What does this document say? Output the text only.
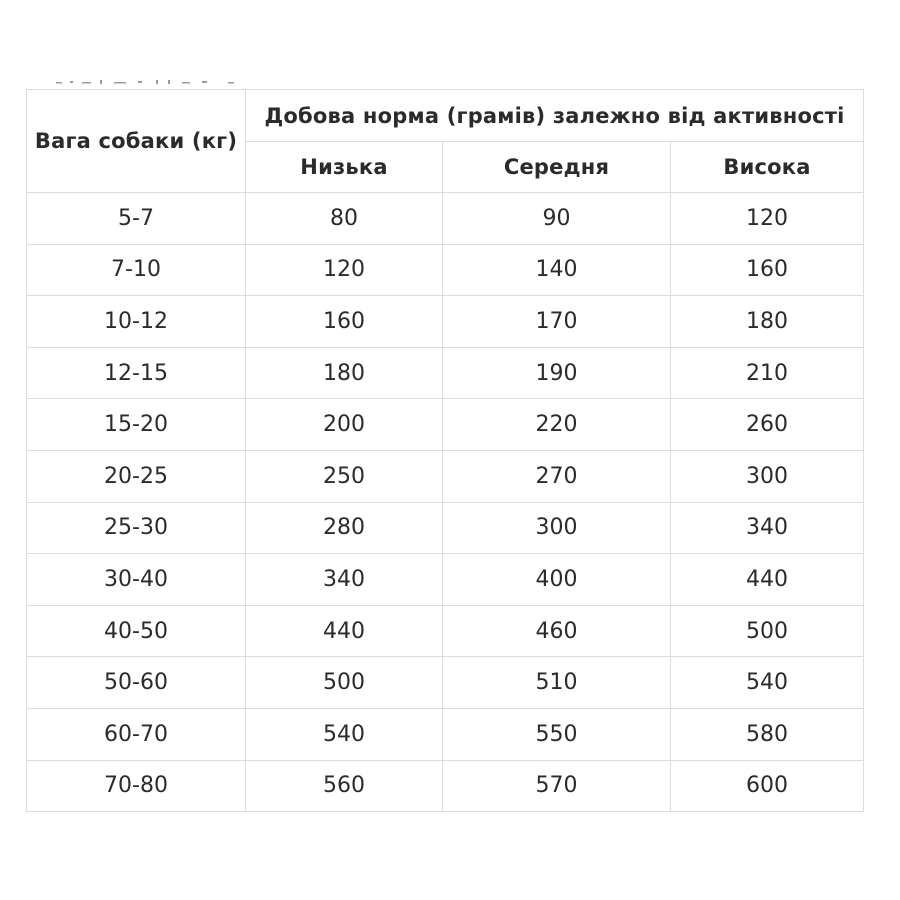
Вага собаки (кг)	Добова норма (грамів) залежно від активності		
	Низька	Середня	Висока
5-7	80	90	120
7-10	120	140	160
10-12	160	170	180
12-15	180	190	210
15-20	200	220	260
20-25	250	270	300
25-30	280	300	340
30-40	340	400	440
40-50	440	460	500
50-60	500	510	540
60-70	540	550	580
70-80	560	570	600
